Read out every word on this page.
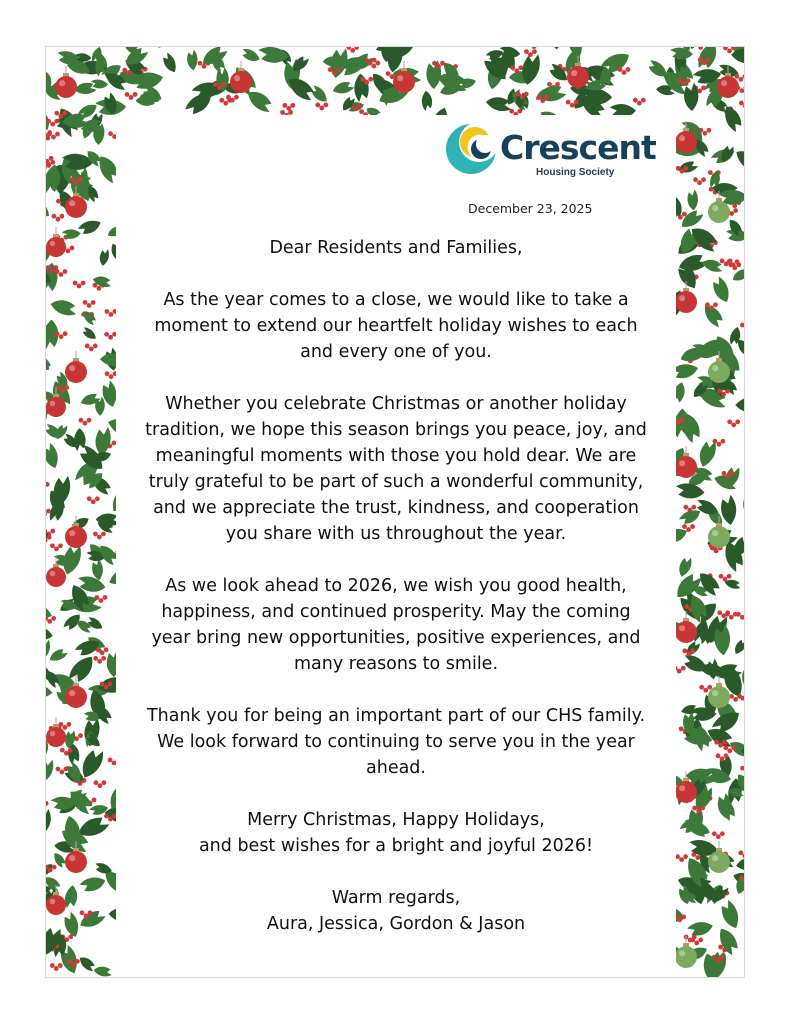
Crescent
Housing Society
December 23, 2025

Dear Residents and Families,

As the year comes to a close, we would like to take a
moment to extend our heartfelt holiday wishes to each
and every one of you.

Whether you celebrate Christmas or another holiday
tradition, we hope this season brings you peace, joy, and
meaningful moments with those you hold dear. We are
truly grateful to be part of such a wonderful community,
and we appreciate the trust, kindness, and cooperation
you share with us throughout the year.

As we look ahead to 2026, we wish you good health,
happiness, and continued prosperity. May the coming
year bring new opportunities, positive experiences, and
many reasons to smile.

Thank you for being an important part of our CHS family.
We look forward to continuing to serve you in the year
ahead.

Merry Christmas, Happy Holidays,
and best wishes for a bright and joyful 2026!

Warm regards,
Aura, Jessica, Gordon & Jason
